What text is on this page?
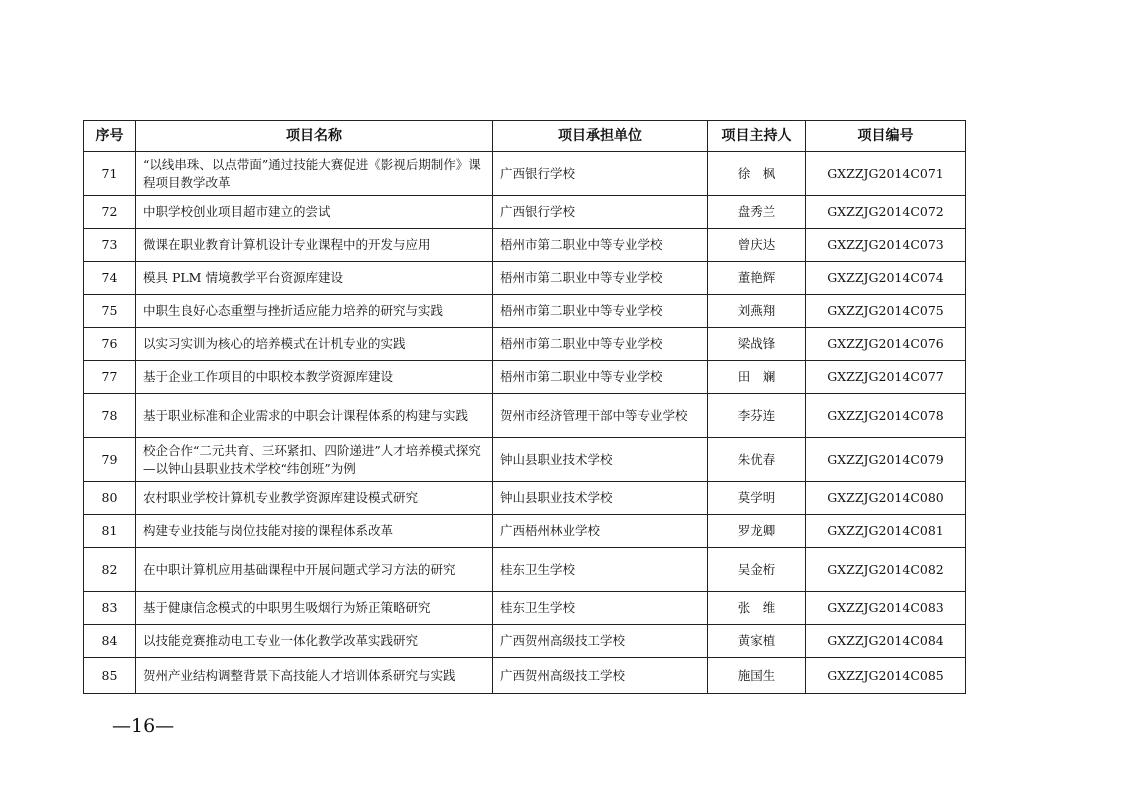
序号	项目名称	项目承担单位	项目主持人	项目编号
71	“以线串珠、以点带面”通过技能大赛促进《影视后期制作》课程项目教学改革	广西银行学校	徐　枫	GXZZJG2014C071
72	中职学校创业项目超市建立的尝试	广西银行学校	盘秀兰	GXZZJG2014C072
73	微课在职业教育计算机设计专业课程中的开发与应用	梧州市第二职业中等专业学校	曾庆达	GXZZJG2014C073
74	模具 PLM 情境教学平台资源库建设	梧州市第二职业中等专业学校	董艳辉	GXZZJG2014C074
75	中职生良好心态重塑与挫折适应能力培养的研究与实践	梧州市第二职业中等专业学校	刘燕翔	GXZZJG2014C075
76	以实习实训为核心的培养模式在计机专业的实践	梧州市第二职业中等专业学校	梁战锋	GXZZJG2014C076
77	基于企业工作项目的中职校本教学资源库建设	梧州市第二职业中等专业学校	田　斓	GXZZJG2014C077
78	基于职业标准和企业需求的中职会计课程体系的构建与实践	贺州市经济管理干部中等专业学校	李芬连	GXZZJG2014C078
79	校企合作“二元共育、三环紧扣、四阶递进”人才培养模式探究—以钟山县职业技术学校“纬创班”为例	钟山县职业技术学校	朱优春	GXZZJG2014C079
80	农村职业学校计算机专业教学资源库建设模式研究	钟山县职业技术学校	莫学明	GXZZJG2014C080
81	构建专业技能与岗位技能对接的课程体系改革	广西梧州林业学校	罗龙卿	GXZZJG2014C081
82	在中职计算机应用基础课程中开展问题式学习方法的研究	桂东卫生学校	吴金桁	GXZZJG2014C082
83	基于健康信念模式的中职男生吸烟行为矫正策略研究	桂东卫生学校	张　维	GXZZJG2014C083
84	以技能竞赛推动电工专业一体化教学改革实践研究	广西贺州高级技工学校	黄家植	GXZZJG2014C084
85	贺州产业结构调整背景下高技能人才培训体系研究与实践	广西贺州高级技工学校	施国生	GXZZJG2014C085
—16—
